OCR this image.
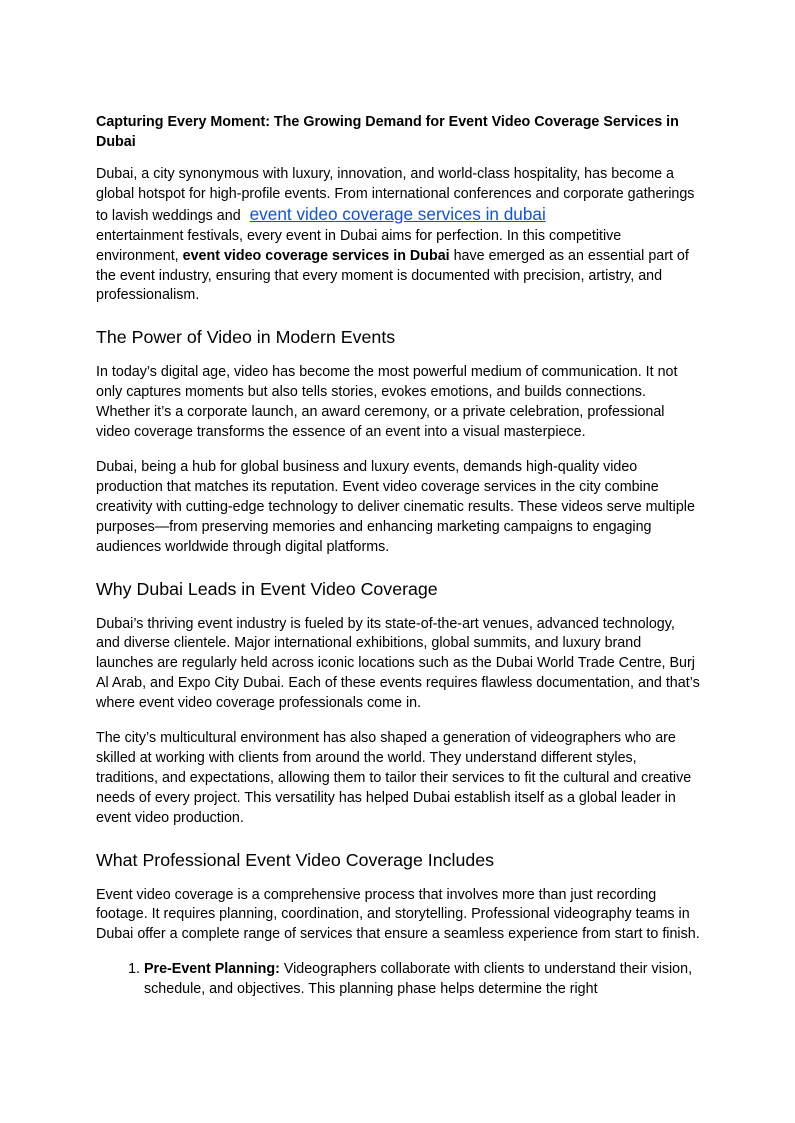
Capturing Every Moment: The Growing Demand for Event Video Coverage Services in Dubai

Dubai, a city synonymous with luxury, innovation, and world-class hospitality, has become a global hotspot for high-profile events. From international conferences and corporate gatherings to lavish weddings and event video coverage services in dubai
entertainment festivals, every event in Dubai aims for perfection. In this competitive environment, event video coverage services in Dubai have emerged as an essential part of the event industry, ensuring that every moment is documented with precision, artistry, and professionalism.

The Power of Video in Modern Events

In today’s digital age, video has become the most powerful medium of communication. It not only captures moments but also tells stories, evokes emotions, and builds connections. Whether it’s a corporate launch, an award ceremony, or a private celebration, professional video coverage transforms the essence of an event into a visual masterpiece.

Dubai, being a hub for global business and luxury events, demands high-quality video production that matches its reputation. Event video coverage services in the city combine creativity with cutting-edge technology to deliver cinematic results. These videos serve multiple purposes—from preserving memories and enhancing marketing campaigns to engaging audiences worldwide through digital platforms.

Why Dubai Leads in Event Video Coverage

Dubai’s thriving event industry is fueled by its state-of-the-art venues, advanced technology, and diverse clientele. Major international exhibitions, global summits, and luxury brand launches are regularly held across iconic locations such as the Dubai World Trade Centre, Burj Al Arab, and Expo City Dubai. Each of these events requires flawless documentation, and that’s where event video coverage professionals come in.

The city’s multicultural environment has also shaped a generation of videographers who are skilled at working with clients from around the world. They understand different styles, traditions, and expectations, allowing them to tailor their services to fit the cultural and creative needs of every project. This versatility has helped Dubai establish itself as a global leader in event video production.

What Professional Event Video Coverage Includes

Event video coverage is a comprehensive process that involves more than just recording footage. It requires planning, coordination, and storytelling. Professional videography teams in Dubai offer a complete range of services that ensure a seamless experience from start to finish.

1. Pre-Event Planning: Videographers collaborate with clients to understand their vision, schedule, and objectives. This planning phase helps determine the right
